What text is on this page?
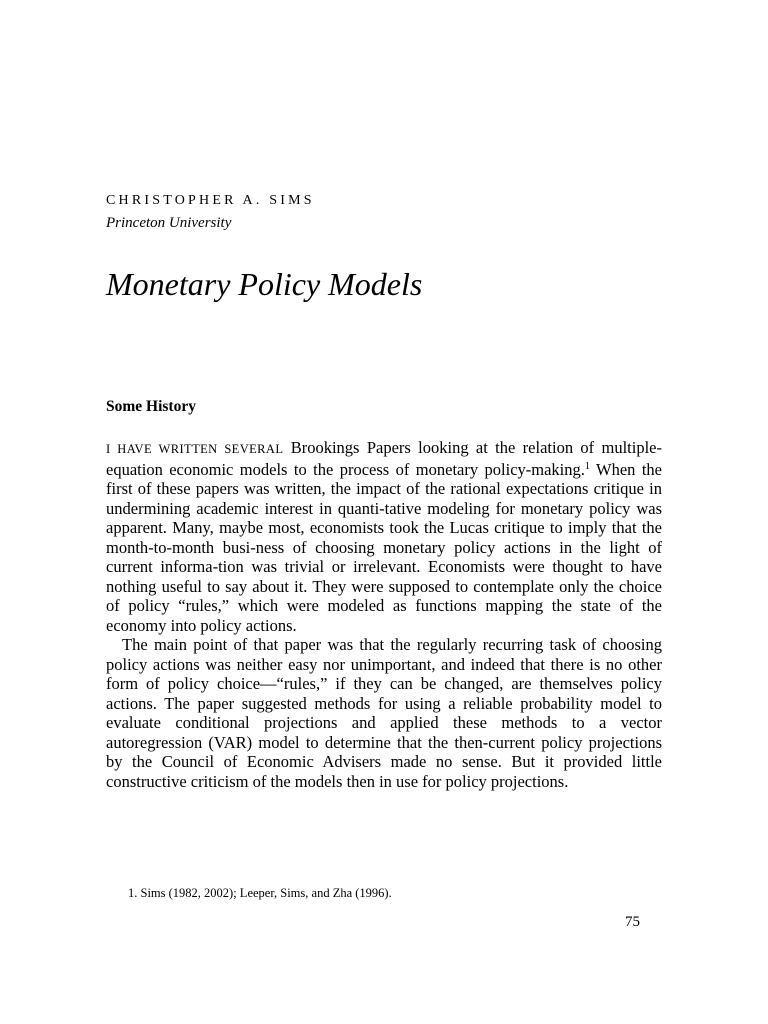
CHRISTOPHER A. SIMS

Princeton University

Monetary Policy Models
Some History

I HAVE WRITTEN SEVERAL Brookings Papers looking at the relation of multiple-equation economic models to the process of monetary policy-making.$^1$ When the first of these papers was written, the impact of the rational expectations critique in undermining academic interest in quanti-tative modeling for monetary policy was apparent. Many, maybe most, economists took the Lucas critique to imply that the month-to-month busi-ness of choosing monetary policy actions in the light of current informa-tion was trivial or irrelevant. Economists were thought to have nothing useful to say about it. They were supposed to contemplate only the choice of policy “rules,” which were modeled as functions mapping the state of the economy into policy actions.

The main point of that paper was that the regularly recurring task of choosing policy actions was neither easy nor unimportant, and indeed that there is no other form of policy choice—“rules,” if they can be changed, are themselves policy actions. The paper suggested methods for using a reliable probability model to evaluate conditional projections and applied these methods to a vector autoregression (VAR) model to determine that the then-current policy projections by the Council of Economic Advisers made no sense. But it provided little constructive criticism of the models then in use for policy projections.

1. Sims (1982, 2002); Leeper, Sims, and Zha (1996).

75
